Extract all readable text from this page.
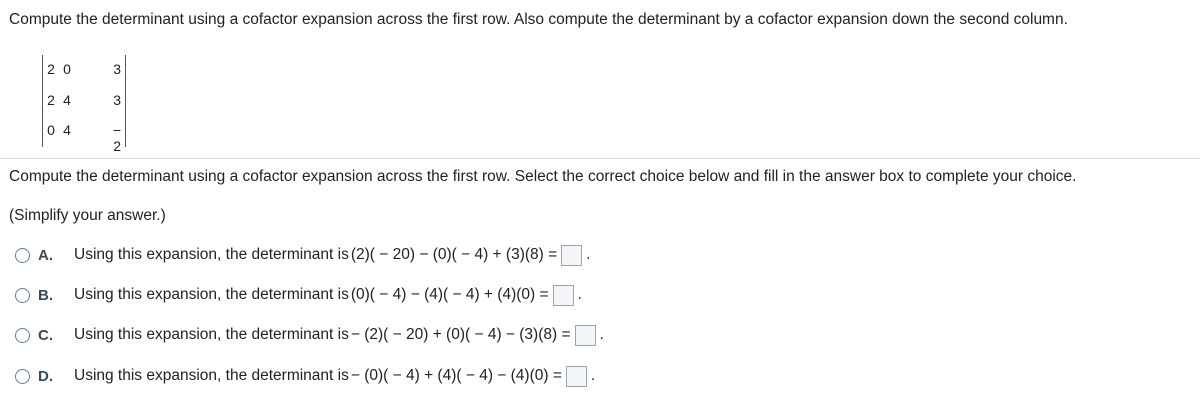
Compute the determinant using a cofactor expansion across the first row. Also compute the determinant by a cofactor expansion down the second column.
2 0	3
2 4	3
0 4	− 2
Compute the determinant using a cofactor expansion across the first row. Select the correct choice below and fill in the answer box to complete your choice.
(Simplify your answer.)
A.	Using this expansion, the determinant is (2)( − 20) − (0)( − 4) + (3)(8) = .
B.	Using this expansion, the determinant is (0)( − 4) − (4)( − 4) + (4)(0) = .
C.	Using this expansion, the determinant is − (2)( − 20) + (0)( − 4) − (3)(8) = .
D.	Using this expansion, the determinant is − (0)( − 4) + (4)( − 4) − (4)(0) = .
